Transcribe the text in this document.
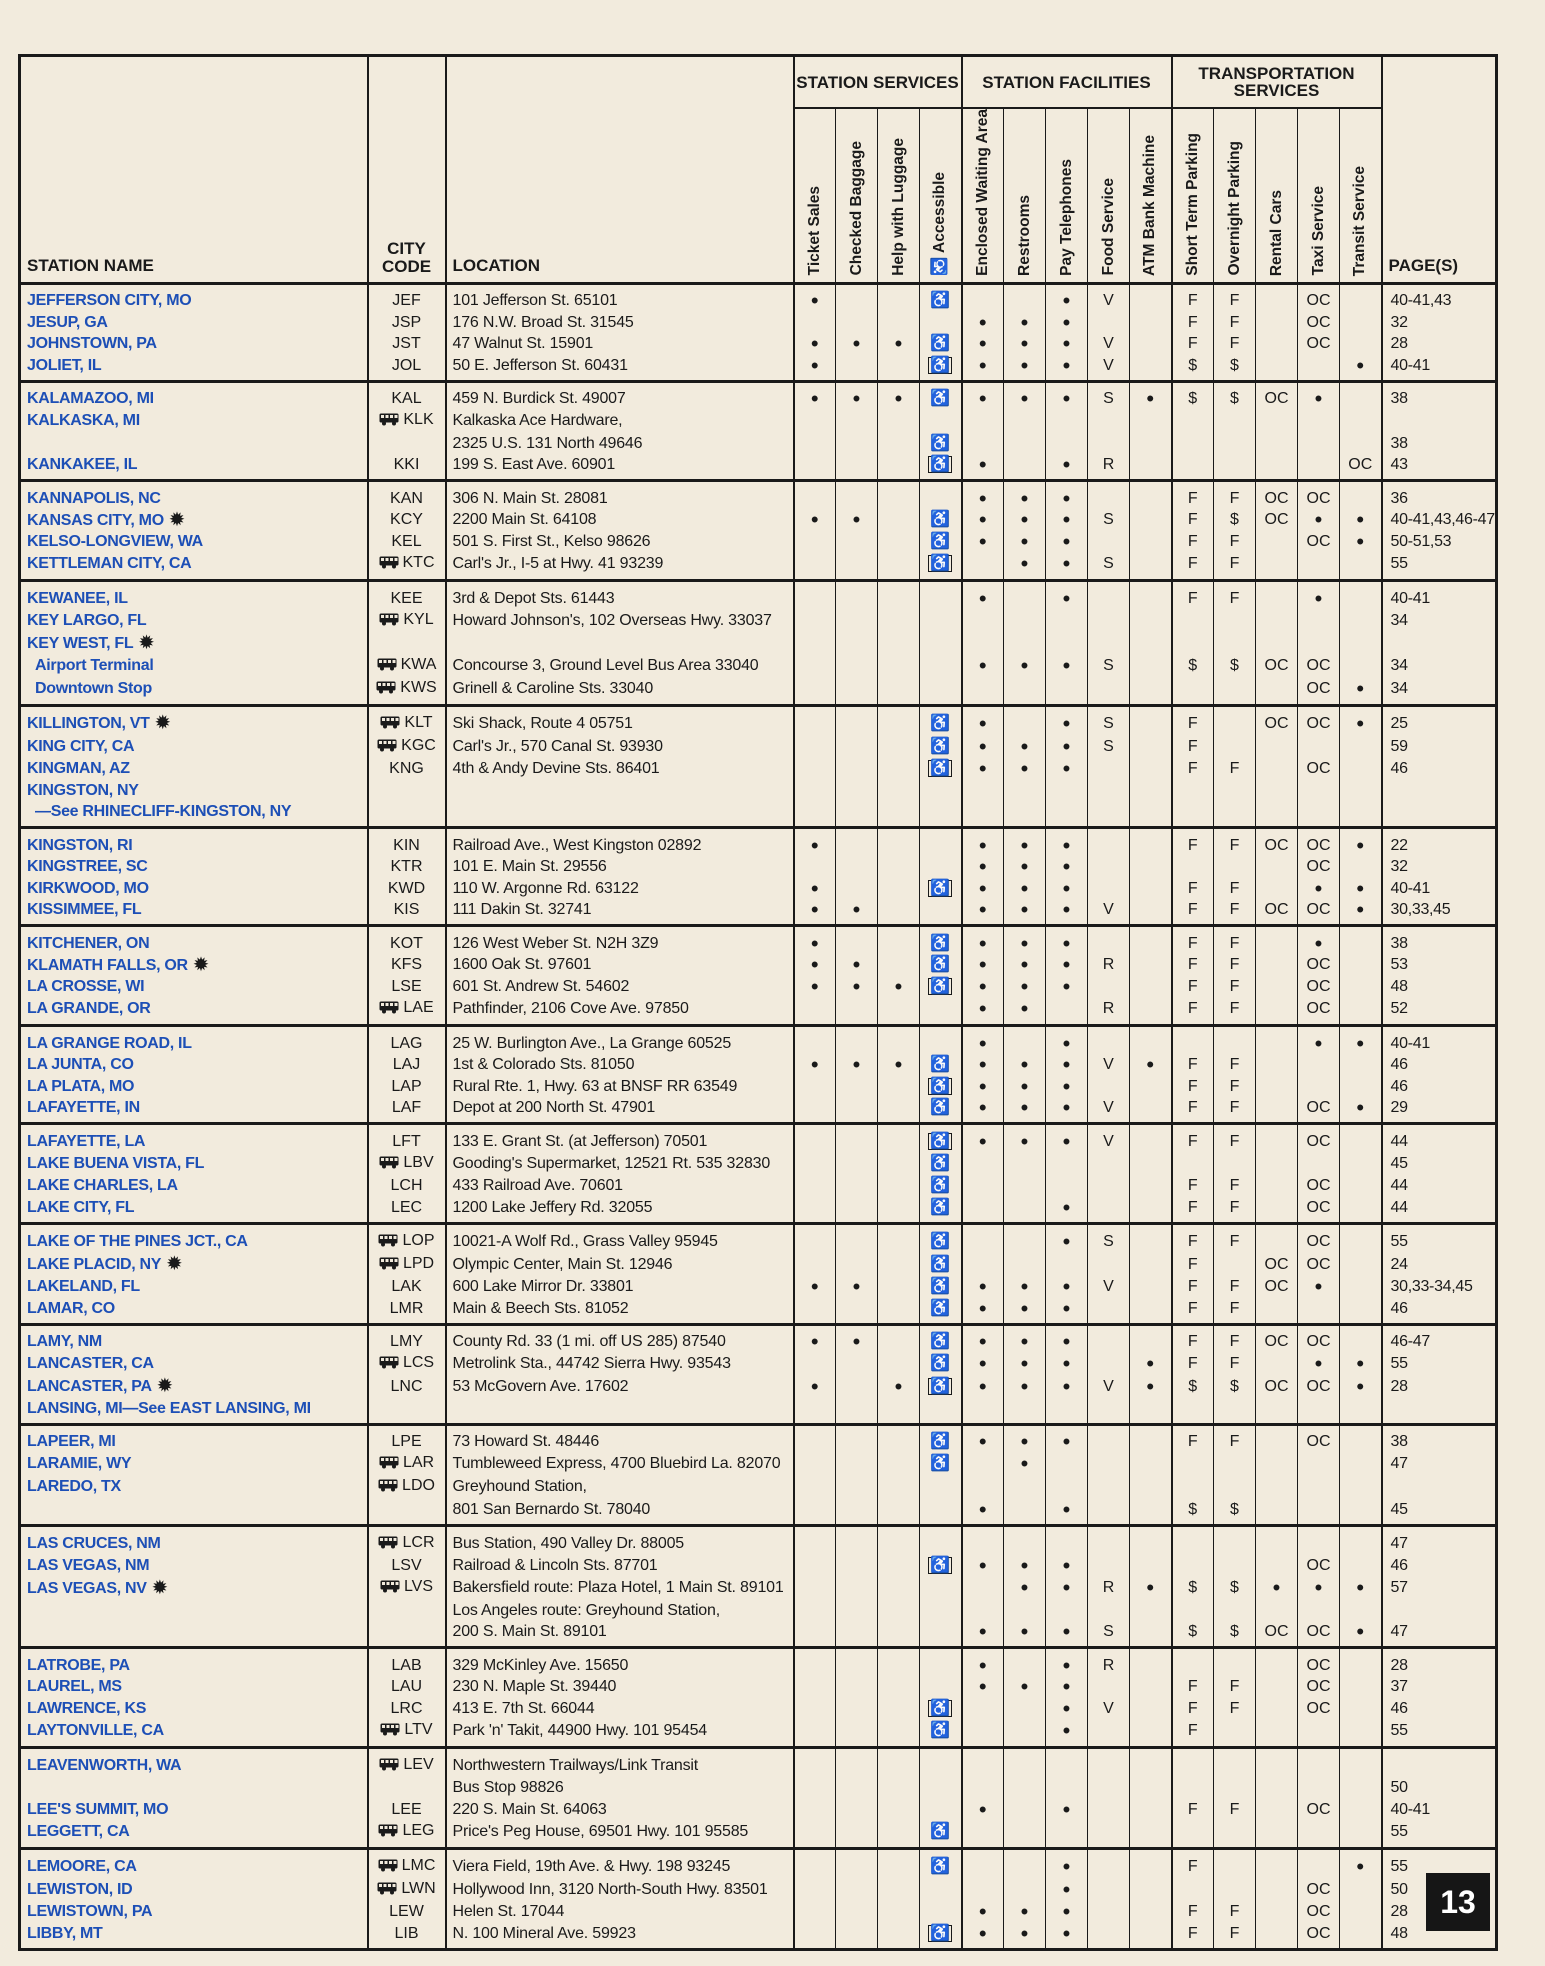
STATION NAME	CITY CODE	LOCATION	STATION SERVICES				STATION FACILITIES					TRANSPORTATION SERVICES					PAGE(S)

			Ticket Sales	Checked Baggage	Help with Luggage	♿ Accessible	Enclosed Waiting Area	Restrooms	Pay Telephones	Food Service	ATM Bank Machine	Short Term Parking	Overnight Parking	Rental Cars	Taxi Service	Transit Service	

JEFFERSON CITY, MO	JEF	101 Jefferson St. 65101	•			♿			•	V		F	F		OC		40-41,43
JESUP, GA	JSP	176 N.W. Broad St. 31545					•	•	•			F	F		OC		32
JOHNSTOWN, PA	JST	47 Walnut St. 15901	•	•	•	♿	•	•	•	V		F	F		OC		28
JOLIET, IL	JOL	50 E. Jefferson St. 60431	•			♿	•	•	•	V		$	$			•	40-41
KALAMAZOO, MI	KAL	459 N. Burdick St. 49007	•	•	•	♿	•	•	•	S	•	$	$	OC	•		38
KALKASKA, MI	KLK	Kalkaska Ace Hardware,															
		2325 U.S. 131 North 49646				♿											38
KANKAKEE, IL	KKI	199 S. East Ave. 60901				♿	•		•	R						OC	43
KANNAPOLIS, NC	KAN	306 N. Main St. 28081					•	•	•			F	F	OC	OC		36
KANSAS CITY, MO ✹	KCY	2200 Main St. 64108	•	•		♿	•	•	•	S		F	$	OC	•	•	40-41,43,46-47
KELSO-LONGVIEW, WA	KEL	501 S. First St., Kelso 98626				♿	•	•	•			F	F		OC	•	50-51,53
KETTLEMAN CITY, CA	KTC	Carl's Jr., I-5 at Hwy. 41 93239				♿		•	•	S		F	F				55
KEWANEE, IL	KEE	3rd & Depot Sts. 61443					•		•			F	F		•		40-41
KEY LARGO, FL	KYL	Howard Johnson's, 102 Overseas Hwy. 33037															34
KEY WEST, FL ✹																	
Airport Terminal	KWA	Concourse 3, Ground Level Bus Area 33040					•	•	•	S		$	$	OC	OC		34
Downtown Stop	KWS	Grinell & Caroline Sts. 33040													OC	•	34
KILLINGTON, VT ✹	KLT	Ski Shack, Route 4 05751				♿	•		•	S		F		OC	OC	•	25
KING CITY, CA	KGC	Carl's Jr., 570 Canal St. 93930				♿	•	•	•	S		F					59
KINGMAN, AZ	KNG	4th & Andy Devine Sts. 86401				♿	•	•	•			F	F		OC		46
KINGSTON, NY																	
—See RHINECLIFF-KINGSTON, NY																	
KINGSTON, RI	KIN	Railroad Ave., West Kingston 02892	•				•	•	•			F	F	OC	OC	•	22
KINGSTREE, SC	KTR	101 E. Main St. 29556					•	•	•						OC		32
KIRKWOOD, MO	KWD	110 W. Argonne Rd. 63122	•			♿	•	•	•			F	F		•	•	40-41
KISSIMMEE, FL	KIS	111 Dakin St. 32741	•	•			•	•	•	V		F	F	OC	OC	•	30,33,45
KITCHENER, ON	KOT	126 West Weber St. N2H 3Z9	•			♿	•	•	•			F	F		•		38
KLAMATH FALLS, OR ✹	KFS	1600 Oak St. 97601	•	•		♿	•	•	•	R		F	F		OC		53
LA CROSSE, WI	LSE	601 St. Andrew St. 54602	•	•	•	♿	•	•	•			F	F		OC		48
LA GRANDE, OR	LAE	Pathfinder, 2106 Cove Ave. 97850					•	•		R		F	F		OC		52
LA GRANGE ROAD, IL	LAG	25 W. Burlington Ave., La Grange 60525					•		•						•	•	40-41
LA JUNTA, CO	LAJ	1st & Colorado Sts. 81050	•	•	•	♿	•	•	•	V	•	F	F				46
LA PLATA, MO	LAP	Rural Rte. 1, Hwy. 63 at BNSF RR 63549				♿	•	•	•			F	F				46
LAFAYETTE, IN	LAF	Depot at 200 North St. 47901				♿	•	•	•	V		F	F		OC	•	29
LAFAYETTE, LA	LFT	133 E. Grant St. (at Jefferson) 70501				♿	•	•	•	V		F	F		OC		44
LAKE BUENA VISTA, FL	LBV	Gooding's Supermarket, 12521 Rt. 535 32830				♿											45
LAKE CHARLES, LA	LCH	433 Railroad Ave. 70601				♿						F	F		OC		44
LAKE CITY, FL	LEC	1200 Lake Jeffery Rd. 32055				♿			•			F	F		OC		44
LAKE OF THE PINES JCT., CA	LOP	10021-A Wolf Rd., Grass Valley 95945				♿			•	S		F	F		OC		55
LAKE PLACID, NY ✹	LPD	Olympic Center, Main St. 12946				♿						F		OC	OC		24
LAKELAND, FL	LAK	600 Lake Mirror Dr. 33801	•	•		♿	•	•	•	V		F	F	OC	•		30,33-34,45
LAMAR, CO	LMR	Main & Beech Sts. 81052				♿	•	•	•			F	F				46
LAMY, NM	LMY	County Rd. 33 (1 mi. off US 285) 87540	•	•		♿	•	•	•			F	F	OC	OC		46-47
LANCASTER, CA	LCS	Metrolink Sta., 44742 Sierra Hwy. 93543				♿	•	•	•		•	F	F		•	•	55
LANCASTER, PA ✹	LNC	53 McGovern Ave. 17602	•		•	♿	•	•	•	V	•	$	$	OC	OC	•	28
LANSING, MI—See EAST LANSING, MI																	
LAPEER, MI	LPE	73 Howard St. 48446				♿	•	•	•			F	F		OC		38
LARAMIE, WY	LAR	Tumbleweed Express, 4700 Bluebird La. 82070				♿		•									47
LAREDO, TX	LDO	Greyhound Station,															
		801 San Bernardo St. 78040					•		•			$	$				45
LAS CRUCES, NM	LCR	Bus Station, 490 Valley Dr. 88005															47
LAS VEGAS, NM	LSV	Railroad & Lincoln Sts. 87701				♿	•	•	•						OC		46
LAS VEGAS, NV ✹	LVS	Bakersfield route: Plaza Hotel, 1 Main St. 89101						•	•	R	•	$	$	•	•	•	57
		Los Angeles route: Greyhound Station,															
		200 S. Main St. 89101					•	•	•	S		$	$	OC	OC	•	47
LATROBE, PA	LAB	329 McKinley Ave. 15650					•		•	R					OC		28
LAUREL, MS	LAU	230 N. Maple St. 39440					•	•	•			F	F		OC		37
LAWRENCE, KS	LRC	413 E. 7th St. 66044				♿			•	V		F	F		OC		46
LAYTONVILLE, CA	LTV	Park 'n' Takit, 44900 Hwy. 101 95454				♿			•			F					55
LEAVENWORTH, WA	LEV	Northwestern Trailways/Link Transit															
		Bus Stop 98826															50
LEE'S SUMMIT, MO	LEE	220 S. Main St. 64063					•		•			F	F		OC		40-41
LEGGETT, CA	LEG	Price's Peg House, 69501 Hwy. 101 95585				♿											55
LEMOORE, CA	LMC	Viera Field, 19th Ave. & Hwy. 198 93245				♿			•			F				•	55
LEWISTON, ID	LWN	Hollywood Inn, 3120 North-South Hwy. 83501							•						OC		50
LEWISTOWN, PA	LEW	Helen St. 17044					•	•	•			F	F		OC		28
LIBBY, MT	LIB	N. 100 Mineral Ave. 59923				♿	•	•	•			F	F		OC		48
13
